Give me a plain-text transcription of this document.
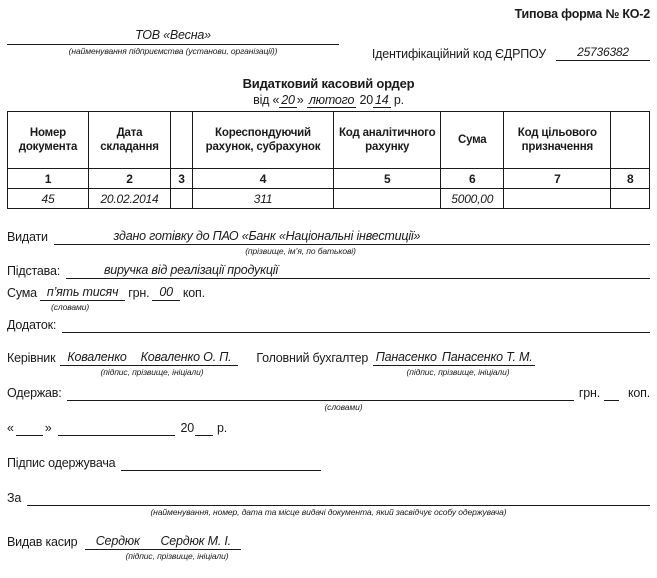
Типова форма № КО-2
ТОВ «Весна»
(найменування підприємства (установи, організації))	Ідентифікаційний код ЄДРПОУ	25736382
Видатковий касовий ордер
від « 20 » лютого 20 14 р.
Номер документа	Дата складання		Кореспондуючий рахунок, субрахунок	Код аналітичного рахунку	Сума	Код цільового призначення	
1	2	3	4	5	6	7	8
45	20.02.2014		311		5000,00		
Видати	здано готівку до ПАО «Банк «Національні інвестиції»
(прізвище, ім’я, по батькові)
Підстава:	виручка від реалізації продукції
Сума п’ять тисяч грн. 00 коп.
(словами)
Додаток:
Керівник Коваленко Коваленко О. П. Головний бухгалтер Панасенко Панасенко Т. М.
(підпис, прізвище, ініціали)	(підпис, прізвище, ініціали)
Одержав:	грн. коп.
(словами)
« »	20 р.
Підпис одержувача
За
(найменування, номер, дата та місце видачі документа, який засвідчує особу одержувача)
Видав касир Сердюк Сердюк М. І.
(підпис, прізвище, ініціали)
